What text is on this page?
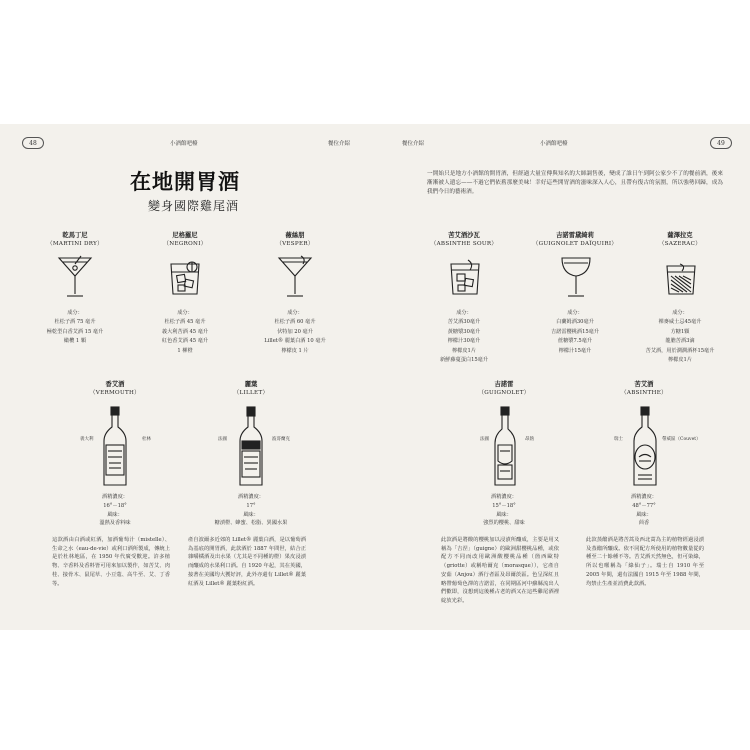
48	小酒館吧檯	餐位介紹	餐位介紹	小酒館吧檯	49
在地開胃酒
變身國際雞尾酒
一開始只是地方小酒館的開胃酒，但經過大量宣傳與知名的大師調售後，變成了誰日午到阿公家少不了的餐前酒，後來漸漸被人遺忘——不過它們依舊那麼美味！幸好這些開胃酒的滋味深入人心，且帶有復古的氛圍，所以強勢回歸，成為我們今日的藝術酒。
乾馬丁尼
（MARTINI DRY）
成分：
杜松子酒 75 毫升
極乾型白香艾酒 15 毫升
橄欖 1 顆
尼格羅尼
（NEGRONI）
成分：
杜松子酒 45 毫升
義大利苦酒 45 毫升
紅色香艾酒 45 毫升
1 柳橙
薇絲朋
（VESPER）
成分：
杜松子酒 60 毫升
伏特加 20 毫升
Lillet® 麗葉白酒 10 毫升
檸檬皮 1 片
苦艾酒沙瓦
（ABSINTHE SOUR）
成分：
苦艾酒30毫升
黃糖漿30毫升
檸檬汁30毫升
檸檬皮1片
新鮮藤蔓蛋白15毫升
吉諾雷黛綺莉
（GUIGNOLET DAÏQUIRI）
成分：
白蘭姆酒30毫升
吉諾雷櫻桃酒15毫升
蔗糖漿7.5毫升
檸檬汁15毫升
薩澤拉克
（SAZERAC）
成分：
裸麥威士忌45毫升
方糖1顆
龍膽苦酒3滴
苦艾酒，用於潤潤酒杯15毫升
檸檬皮1片
香艾酒
（VERMOUTH）
義大利	杜林
酒精濃度：
16°－18°
風味：
溫熱及香料味
這款酒由白酒或紅酒，加酒葡萄汁（mistelle）、生命之水（eau-de-vie）或利口酒所製成，傳統上是於杜林地區，在 1950 年代廣受歡迎。許多植物、辛香料及香料皆可用來加以製作，如苦艾、肉桂、接骨木、鼠尾草、小豆蔻、高牛至、艾、丁香等。
麗葉
（LILLET）
法國	波哥蘭克
酒精濃度：
17°
風味：
糖漬橙、蜂蜜、松脂、異國水果
產自波爾多近郊的 Lillet® 麗葉白酒，是以葡萄酒為基底的開胃酒，此款酒於 1887 年問世，結合正雜嚼橘酒及出水果（尤其是不同種的橙）果皮浸漬而釀成的水果利口酒。自 1920 年起，其在英國，接著在美國均大獲好評，此外亦還有 Lillet® 麗葉紅酒及 Lillet® 麗葉粉紅酒。
吉諾雷
（GUIGNOLET）
法國	昂熱
酒精濃度：
15°－18°
風味：
強烈的櫻桃、甜味
此款酒是將酸的櫻桃加以浸漬所釀成，主要是用又稱為「吉涅」（guigne）的歐洲甜櫻桃品種，或依配方不同而改用歐洲酸櫻桃品種（箇西歐特（griotte）或稱哈爾克（morasque）），它產自安茹（Anjou）酒行者區及昂爾茨區。色呈深紅且略帶葡萄色澤的吉諾雷，在同期區河中蘇縣流出人們歡即，沒想到這後種占老的酒又在這些雞尾酒裡綻放光彩。
苦艾酒
（ABSINTHE）
瑞士	帶威區（Couvet）
酒精濃度：
48°－77°
風味：
茴香
此款蒸餾酒是將苦蒿及西北蒿為主的植物經過浸漬及蒸餾所釀成。依不同配方所使用的植物數量從的種至二十餘種不等。苦艾酒天然無色，但可染綠，所以也暱稱為「綠仙子」。瑞士自 1910 年至 2005 年間，還有法國自 1915 年至 1988 年間，均禁止生產並消費此款酒。
